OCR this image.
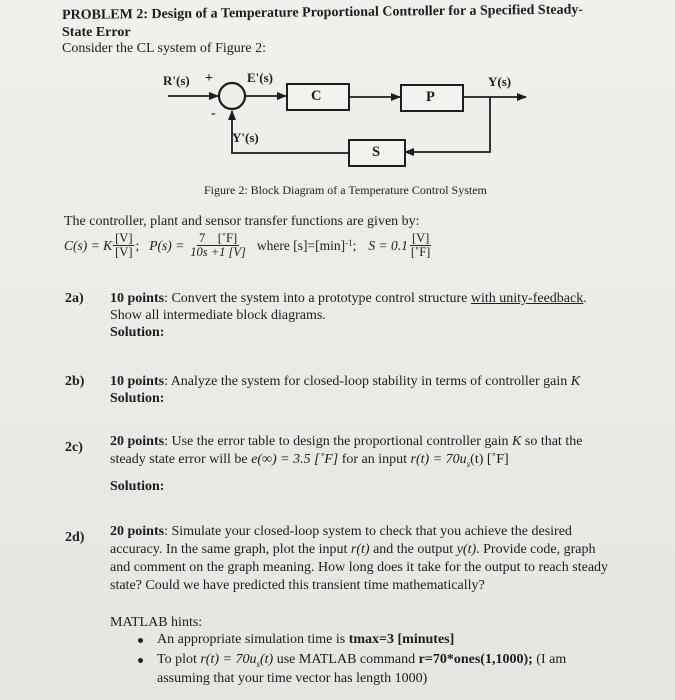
PROBLEM 2: Design of a Temperature Proportional Controller for a Specified Steady-
State Error
Consider the CL system of Figure 2:
R'(s) +
-
E'(s)	Y(s)
Y'(s)
C	P
S
Figure 2: Block Diagram of a Temperature Control System
The controller, plant and sensor transfer functions are given by:
C(s) = K $\frac{[V]}{[V]}$ ; $P(s) = \frac{7 [˚F]}{10s +1 [V]}$ where $[s]=[\min]^{-1}$ ; $S = 0.1 \frac{[V]}{[˚F]}$
2a) 10 points: Convert the system into a prototype control structure with unity-feedback.
Show all intermediate block diagrams.
Solution:
2b) 10 points: Analyze the system for closed-loop stability in terms of controller gain K
Solution:
2c) 20 points: Use the error table to design the proportional controller gain K so that the
steady state error will be e(∞) = 3.5 [˚F] for an input $r(t) = 70u_s(t)$ [˚F]
Solution:
2d) 20 points: Simulate your closed-loop system to check that you achieve the desired
accuracy. In the same graph, plot the input r(t) and the output y(t). Provide code, graph
and comment on the graph meaning. How long does it take for the output to reach steady
state? Could we have predicted this transient time mathematically?
MATLAB hints:
An appropriate simulation time is tmax=3 [minutes]
To plot $r(t) = 70u_s(t)$ use MATLAB command r=70*ones(1,1000); (I am
assuming that your time vector has length 1000)
